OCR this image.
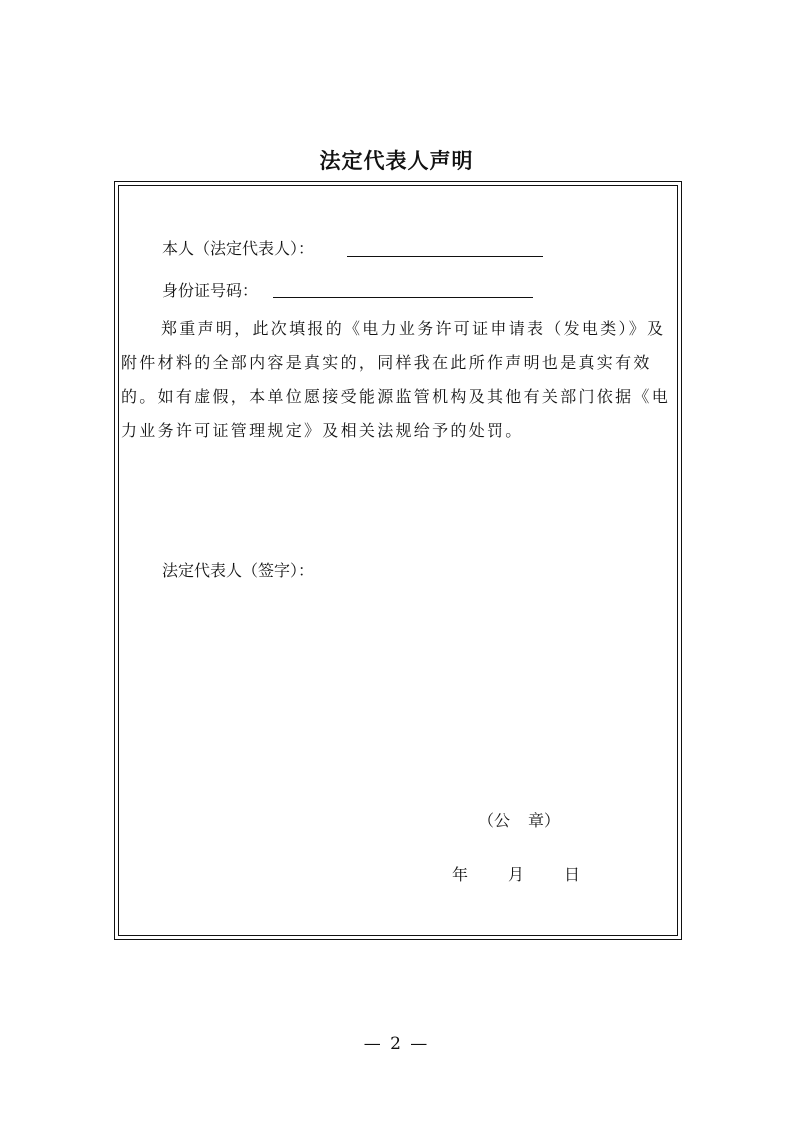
法定代表人声明
本人（法定代表人）：
身份证号码：
郑重声明，此次填报的《电力业务许可证申请表（发电类）》及附件材料的全部内容是真实的，同样我在此所作声明也是真实有效的。如有虚假，本单位愿接受能源监管机构及其他有关部门依据《电力业务许可证管理规定》及相关法规给予的处罚。
法定代表人（签字）：
（公 章）
年	月	日
— 2 —
